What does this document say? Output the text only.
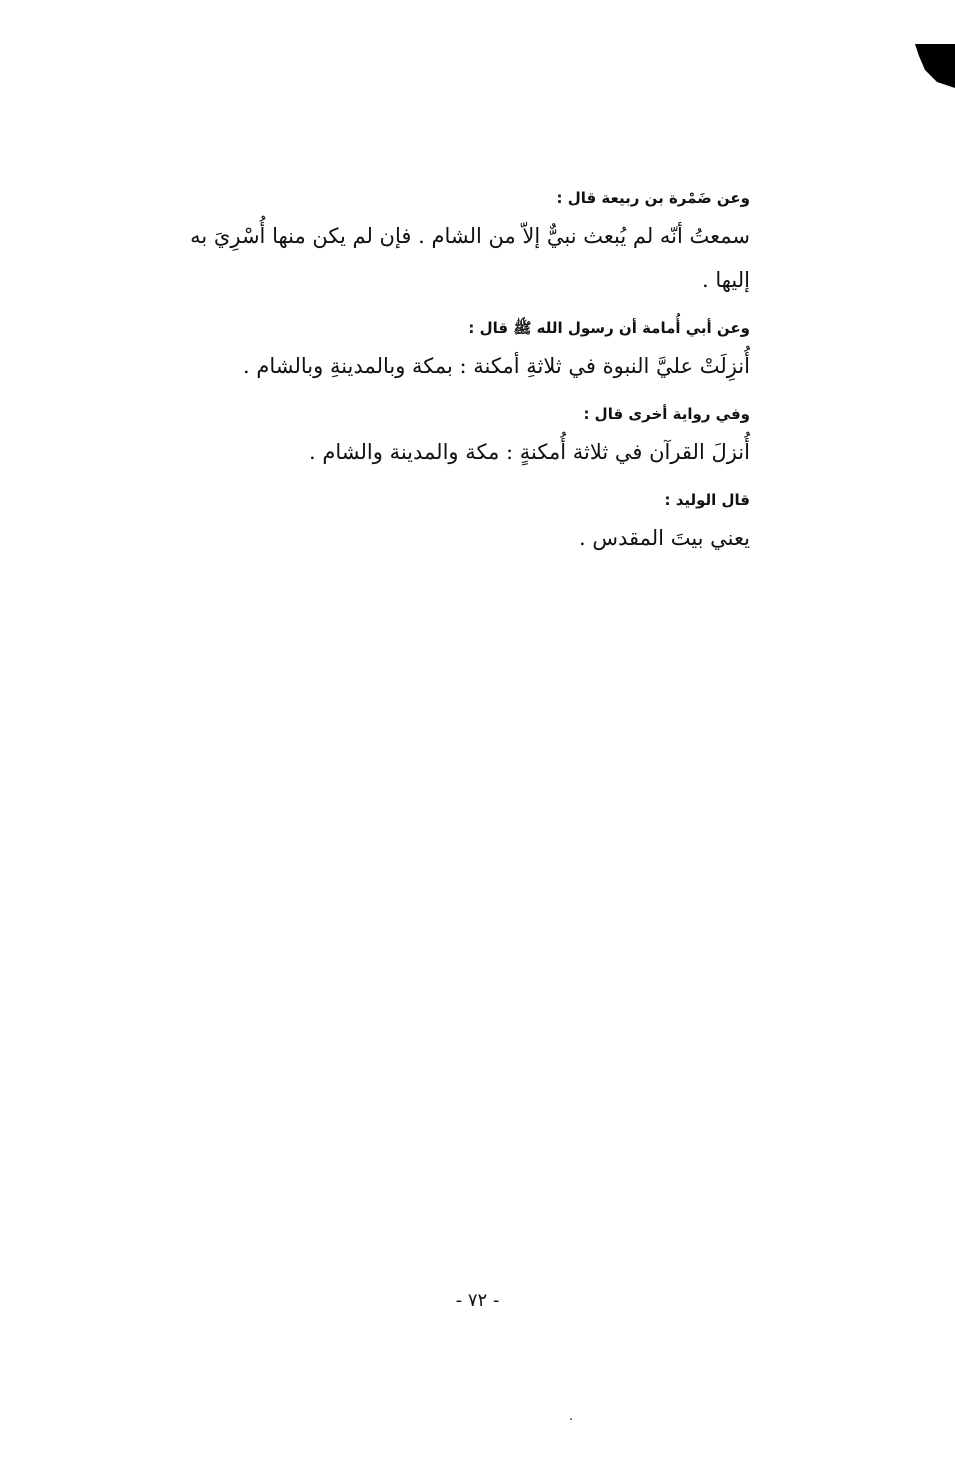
وعن ضَمْرة بن ربيعة قال :

سمعتُ أنّه لم يُبعث نبيٌّ إلاّ من الشام . فإن لم يكن منها أُسْرِيَ به إليها .

وعن أبي أُمامة أن رسول الله ﷺ قال :

أُنزِلَتْ عليَّ النبوة في ثلاثةِ أمكنة : بمكة وبالمدينةِ وبالشام .

وفي رواية أخرى قال :

أُنزلَ القرآن في ثلاثة أُمكنةٍ : مكة والمدينة والشام .

قال الوليد :

يعني بيتَ المقدس .

- ٧٢ -
